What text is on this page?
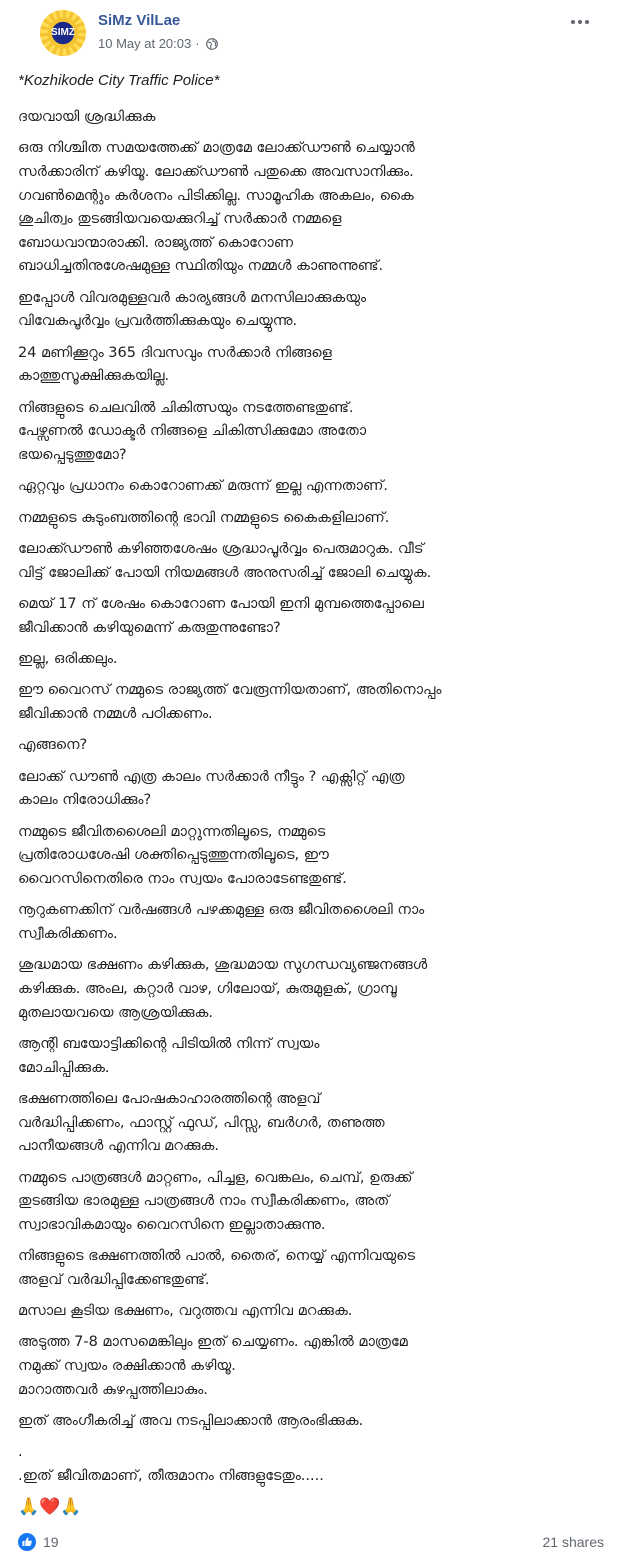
SIMZ
SiMz VilLae
10 May at 20:03 ·

*Kozhikode City Traffic Police*

ദയവായി ശ്രദ്ധിക്കുക

ഒരു നിശ്ചിത സമയത്തേക്ക് മാത്രമേ ലോക്ക്ഡൗൺ ചെയ്യാൻ
സർക്കാരിന് കഴിയൂ. ലോക്ക്ഡൗൺ പതുക്കെ അവസാനിക്കും.
ഗവൺമെന്റും കർശനം പിടിക്കില്ല. സാമൂഹിക അകലം, കൈ
ശുചിത്വം തുടങ്ങിയവയെക്കുറിച്ച് സർക്കാർ നമ്മളെ
ബോധവാന്മാരാക്കി. രാജ്യത്ത് കൊറോണ
ബാധിച്ചതിനുശേഷമുള്ള സ്ഥിതിയും നമ്മൾ കാണുന്നുണ്ട്.

ഇപ്പോൾ വിവരമുള്ളവർ കാര്യങ്ങൾ മനസിലാക്കുകയും
വിവേകപൂർവ്വം പ്രവർത്തിക്കുകയും ചെയ്യുന്നു.

24 മണിക്കൂറും 365 ദിവസവും സർക്കാർ നിങ്ങളെ
കാത്തുസൂക്ഷിക്കുകയില്ല.

നിങ്ങളുടെ ചെലവിൽ ചികിത്സയും നടത്തേണ്ടതുണ്ട്.
പേഴ്സണൽ ഡോക്ടർ നിങ്ങളെ ചികിത്സിക്കുമോ അതോ
ഭയപ്പെടുത്തുമോ?

ഏറ്റവും പ്രധാനം കൊറോണക്ക് മരുന്ന് ഇല്ല എന്നതാണ്.

നമ്മളുടെ കുടുംബത്തിന്റെ ഭാവി നമ്മളുടെ കൈകളിലാണ്.

ലോക്ക്ഡൗൺ കഴിഞ്ഞശേഷം ശ്രദ്ധാപൂർവ്വം പെരുമാറുക. വീട്
വിട്ട് ജോലിക്ക് പോയി നിയമങ്ങൾ അനുസരിച്ച് ജോലി ചെയ്യുക.

മെയ് 17 ന് ശേഷം കൊറോണ പോയി ഇനി മുമ്പത്തെപ്പോലെ
ജീവിക്കാൻ കഴിയുമെന്ന് കരുതുന്നുണ്ടോ?

ഇല്ല, ഒരിക്കലും.

ഈ വൈറസ് നമ്മുടെ രാജ്യത്ത് വേരൂന്നിയതാണ്, അതിനൊപ്പം
ജീവിക്കാൻ നമ്മൾ പഠിക്കണം.

എങ്ങനെ?

ലോക്ക് ഡൗൺ എത്ര കാലം സർക്കാർ നീട്ടും ? എക്സിറ്റ് എത്ര
കാലം നിരോധിക്കും?

നമ്മുടെ ജീവിതശൈലി മാറ്റുന്നതിലൂടെ, നമ്മുടെ
പ്രതിരോധശേഷി ശക്തിപ്പെടുത്തുന്നതിലൂടെ, ഈ
വൈറസിനെതിരെ നാം സ്വയം പോരാടേണ്ടതുണ്ട്.

നൂറുകണക്കിന് വർഷങ്ങൾ പഴക്കമുള്ള ഒരു ജീവിതശൈലി നാം
സ്വീകരിക്കണം.

ശുദ്ധമായ ഭക്ഷണം കഴിക്കുക, ശുദ്ധമായ സുഗന്ധവ്യഞ്ജനങ്ങൾ
കഴിക്കുക. അംല, കറ്റാർ വാഴ, ഗിലോയ്, കുരുമുളക്, ഗ്രാമ്പൂ
മുതലായവയെ ആശ്രയിക്കുക.

ആന്റി ബയോട്ടിക്കിന്റെ പിടിയിൽ നിന്ന് സ്വയം
മോചിപ്പിക്കുക.

ഭക്ഷണത്തിലെ പോഷകാഹാരത്തിന്റെ അളവ്
വർദ്ധിപ്പിക്കണം, ഫാസ്റ്റ് ഫുഡ്, പിസ്സ, ബർഗർ, തണുത്ത
പാനീയങ്ങൾ എന്നിവ മറക്കുക.

നമ്മുടെ പാത്രങ്ങൾ മാറ്റണം, പിച്ചള, വെങ്കലം, ചെമ്പ്, ഉരുക്ക്
തുടങ്ങിയ ഭാരമുള്ള പാത്രങ്ങൾ നാം സ്വീകരിക്കണം, അത്
സ്വാഭാവികമായും വൈറസിനെ ഇല്ലാതാക്കുന്നു.

നിങ്ങളുടെ ഭക്ഷണത്തിൽ പാൽ, തൈര്, നെയ്യ് എന്നിവയുടെ
അളവ് വർദ്ധിപ്പിക്കേണ്ടതുണ്ട്.

മസാല കൂടിയ ഭക്ഷണം, വറുത്തവ എന്നിവ മറക്കുക.

അടുത്ത 7-8 മാസമെങ്കിലും ഇത് ചെയ്യണം. എങ്കിൽ മാത്രമേ
നമുക്ക് സ്വയം രക്ഷിക്കാൻ കഴിയൂ.
മാറാത്തവർ കുഴപ്പത്തിലാകും.

ഇത് അംഗീകരിച്ച് അവ നടപ്പിലാക്കാൻ ആരംഭിക്കുക.

.
.ഇത് ജീവിതമാണ്, തീരുമാനം നിങ്ങളുടേതും.....

🙏❤️🙏

19	21 shares
